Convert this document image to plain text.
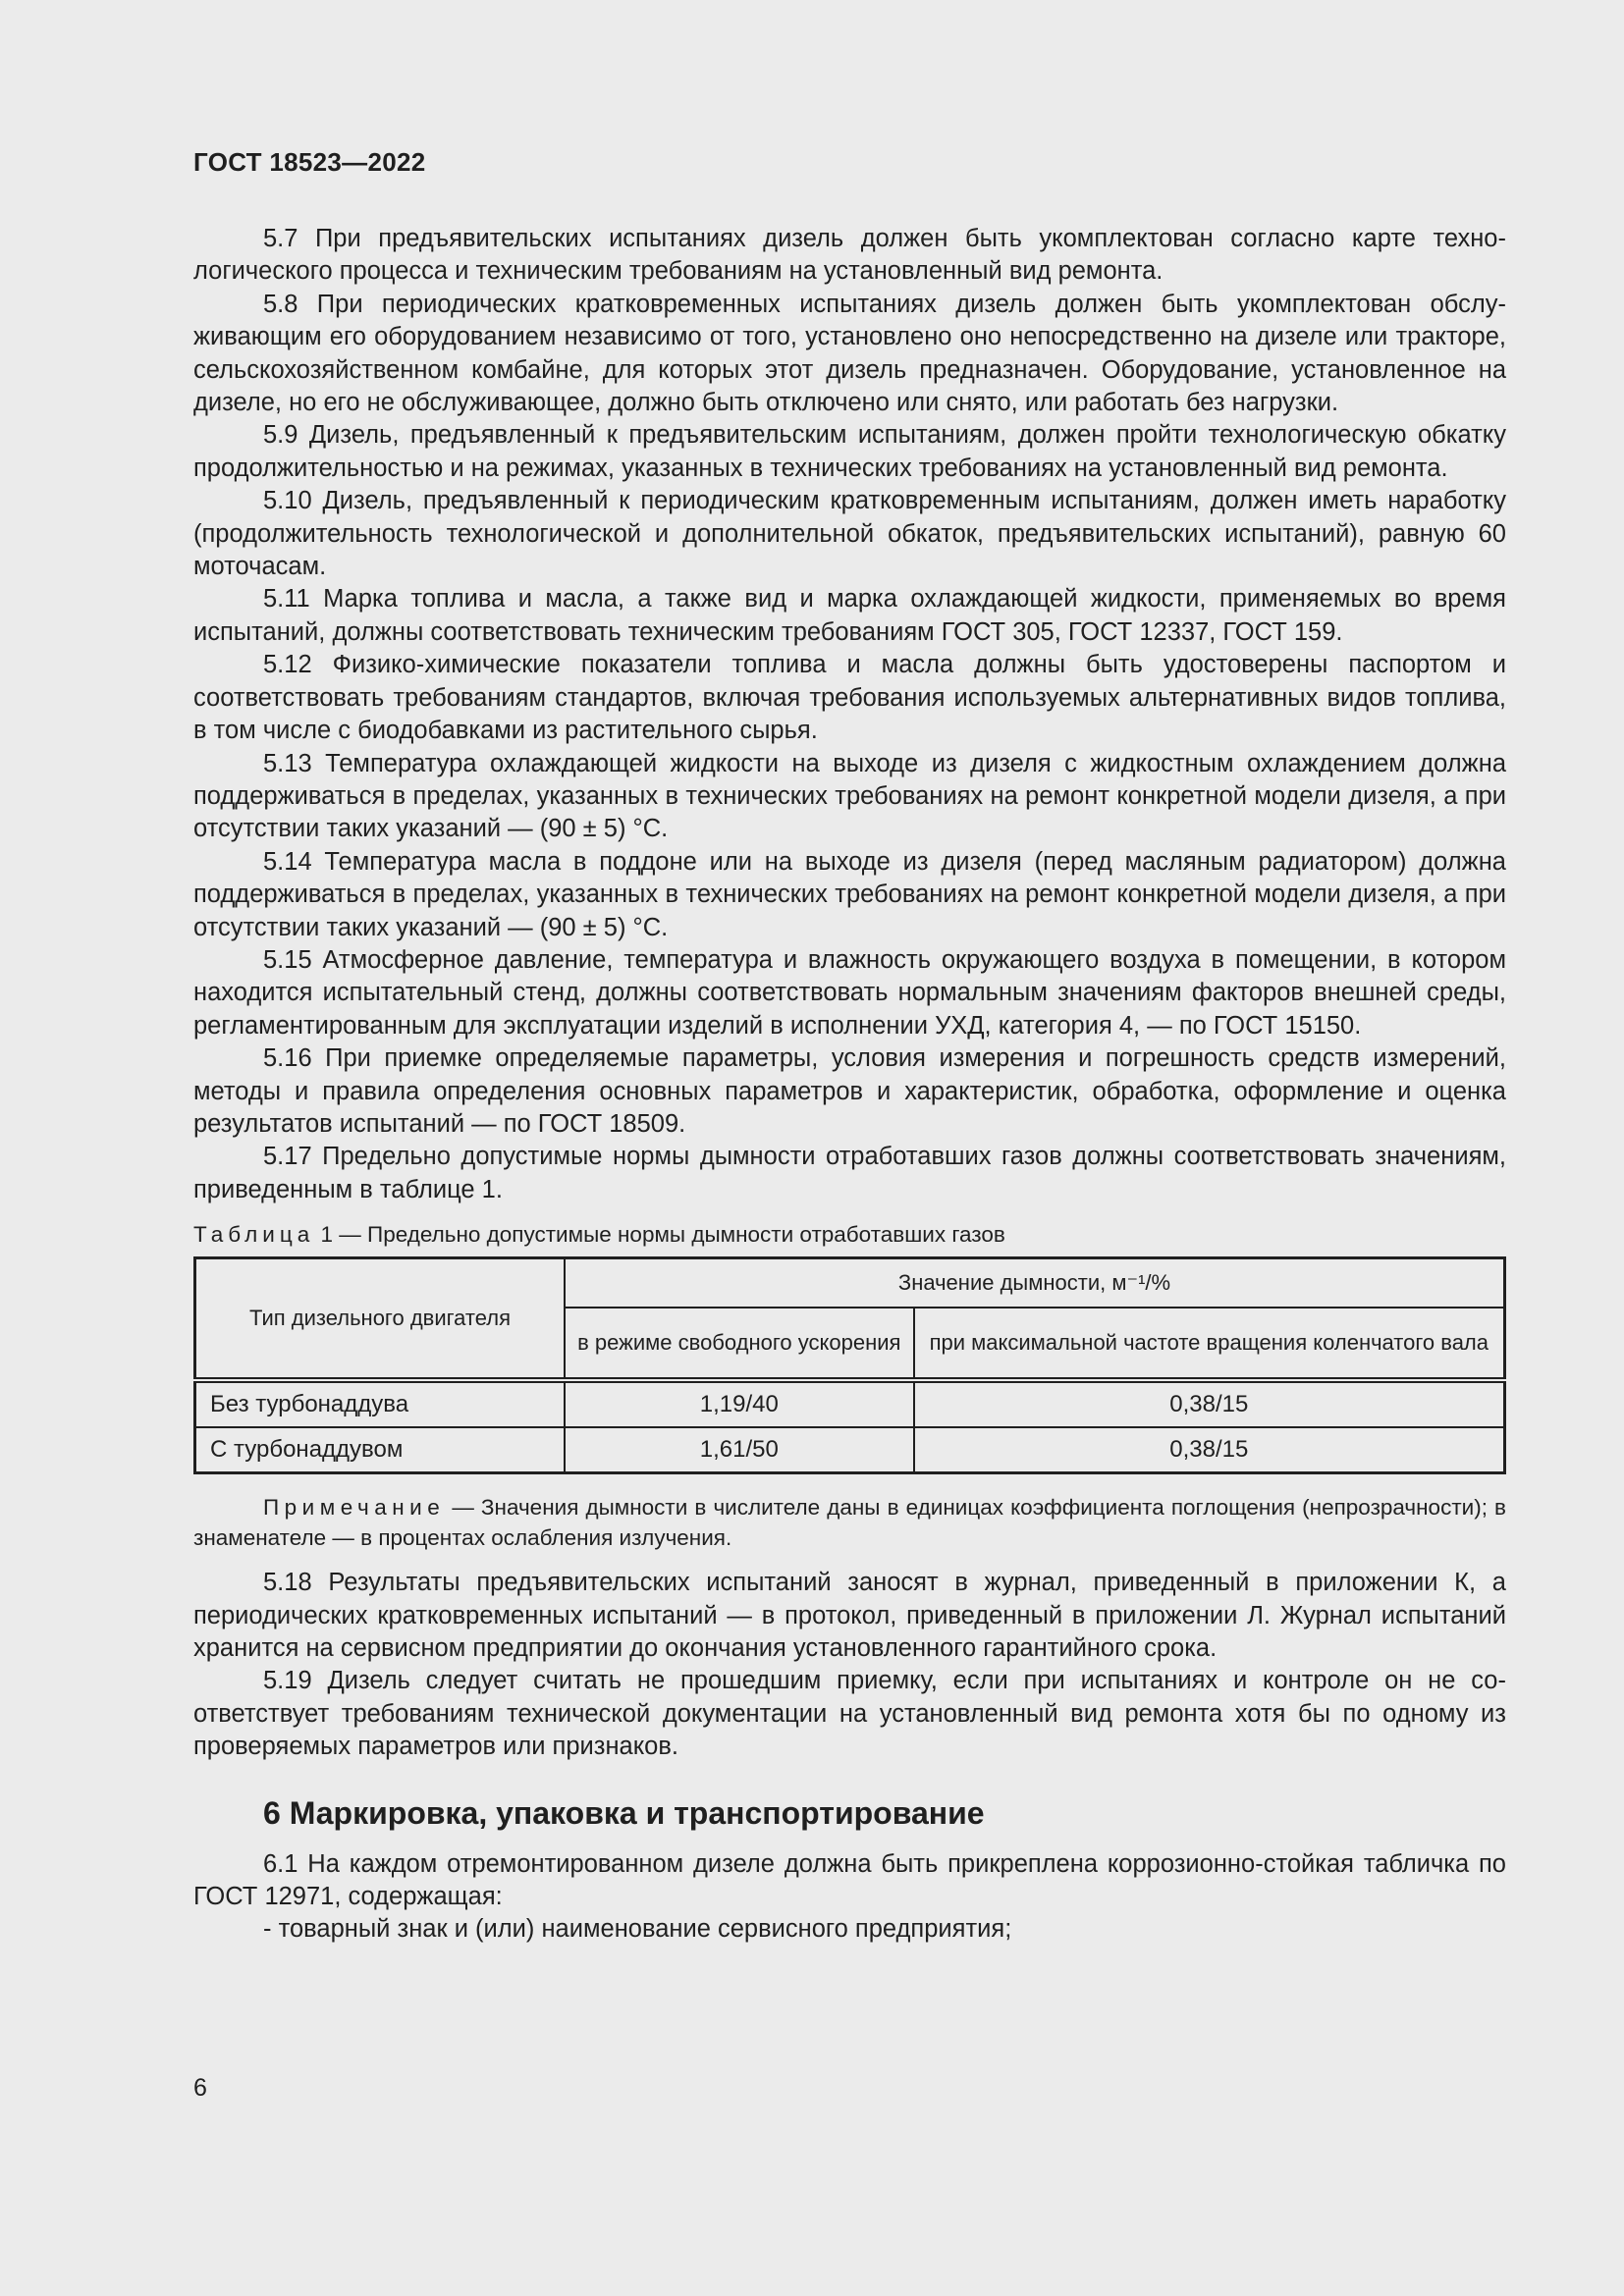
ГОСТ 18523—2022

5.7 При предъявительских испытаниях дизель должен быть укомплектован согласно карте технологического процесса и техническим требованиям на установленный вид ремонта.

5.8 При периодических кратковременных испытаниях дизель должен быть укомплектован обслуживающим его оборудованием независимо от того, установлено оно непосредственно на дизеле или тракторе, сельскохозяйственном комбайне, для которых этот дизель предназначен. Оборудование, установленное на дизеле, но его не обслуживающее, должно быть отключено или снято, или работать без нагрузки.

5.9 Дизель, предъявленный к предъявительским испытаниям, должен пройти технологическую обкатку продолжительностью и на режимах, указанных в технических требованиях на установленный вид ремонта.

5.10 Дизель, предъявленный к периодическим кратковременным испытаниям, должен иметь наработку (продолжительность технологической и дополнительной обкаток, предъявительских испытаний), равную 60 моточасам.

5.11 Марка топлива и масла, а также вид и марка охлаждающей жидкости, применяемых во время испытаний, должны соответствовать техническим требованиям ГОСТ 305, ГОСТ 12337, ГОСТ 159.

5.12 Физико-химические показатели топлива и масла должны быть удостоверены паспортом и соответствовать требованиям стандартов, включая требования используемых альтернативных видов топлива, в том числе с биодобавками из растительного сырья.

5.13 Температура охлаждающей жидкости на выходе из дизеля с жидкостным охлаждением должна поддерживаться в пределах, указанных в технических требованиях на ремонт конкретной модели дизеля, а при отсутствии таких указаний — (90 ± 5) °С.

5.14 Температура масла в поддоне или на выходе из дизеля (перед масляным радиатором) должна поддерживаться в пределах, указанных в технических требованиях на ремонт конкретной модели дизеля, а при отсутствии таких указаний — (90 ± 5) °С.

5.15 Атмосферное давление, температура и влажность окружающего воздуха в помещении, в котором находится испытательный стенд, должны соответствовать нормальным значениям факторов внешней среды, регламентированным для эксплуатации изделий в исполнении УХД, категория 4, — по ГОСТ 15150.

5.16 При приемке определяемые параметры, условия измерения и погрешность средств измерений, методы и правила определения основных параметров и характеристик, обработка, оформление и оценка результатов испытаний — по ГОСТ 18509.

5.17 Предельно допустимые нормы дымности отработавших газов должны соответствовать значениям, приведенным в таблице 1.

Таблица 1 — Предельно допустимые нормы дымности отработавших газов
Тип дизельного двигателя	Значение дымности, м⁻¹/%	
	в режиме свободного ускорения	при максимальной частоте вращения коленчатого вала
Без турбонаддува	1,19/40	0,38/15
С турбонаддувом	1,61/50	0,38/15
Примечание — Значения дымности в числителе даны в единицах коэффициента поглощения (непрозрачности); в знаменателе — в процентах ослабления излучения.

5.18 Результаты предъявительских испытаний заносят в журнал, приведенный в приложении К, а периодических кратковременных испытаний — в протокол, приведенный в приложении Л. Журнал испытаний хранится на сервисном предприятии до окончания установленного гарантийного срока.

5.19 Дизель следует считать не прошедшим приемку, если при испытаниях и контроле он не соответствует требованиям технической документации на установленный вид ремонта хотя бы по одному из проверяемых параметров или признаков.

6 Маркировка, упаковка и транспортирование

6.1 На каждом отремонтированном дизеле должна быть прикреплена коррозионно-стойкая табличка по ГОСТ 12971, содержащая:

- товарный знак и (или) наименование сервисного предприятия;

6
